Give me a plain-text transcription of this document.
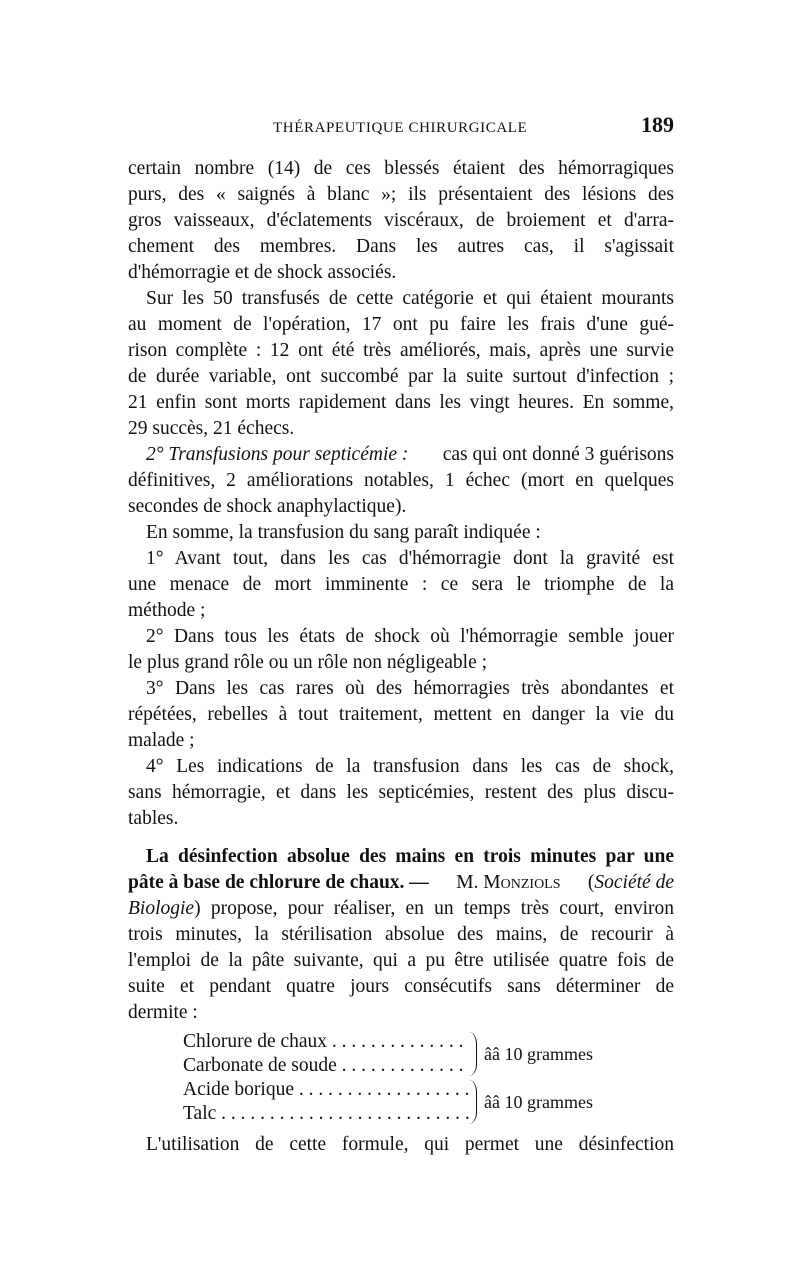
THÉRAPEUTIQUE CHIRURGICALE	189
certain nombre (14) de ces blessés étaient des hémorragiques
purs, des « saignés à blanc »; ils présentaient des lésions des
gros vaisseaux, d'éclatements viscéraux, de broiement et d'arra-
chement des membres. Dans les autres cas, il s'agissait
d'hémorragie et de shock associés.
Sur les 50 transfusés de cette catégorie et qui étaient mourants
au moment de l'opération, 17 ont pu faire les frais d'une gué-
rison complète : 12 ont été très améliorés, mais, après une survie
de durée variable, ont succombé par la suite surtout d'infection ;
21 enfin sont morts rapidement dans les vingt heures. En somme,
29 succès, 21 échecs.
2° Transfusions pour septicémie : cas qui ont donné 3 guérisons
définitives, 2 améliorations notables, 1 échec (mort en quelques
secondes de shock anaphylactique).
En somme, la transfusion du sang paraît indiquée :
1° Avant tout, dans les cas d'hémorragie dont la gravité est
une menace de mort imminente : ce sera le triomphe de la
méthode ;
2° Dans tous les états de shock où l'hémorragie semble jouer
le plus grand rôle ou un rôle non négligeable ;
3° Dans les cas rares où des hémorragies très abondantes et
répétées, rebelles à tout traitement, mettent en danger la vie du
malade ;
4° Les indications de la transfusion dans les cas de shock,
sans hémorragie, et dans les septicémies, restent des plus discu-
tables.
La désinfection absolue des mains en trois minutes par une
pâte à base de chlorure de chaux. — M. Monziols (Société de
Biologie) propose, pour réaliser, en un temps très court, environ
trois minutes, la stérilisation absolue des mains, de recourir à
l'emploi de la pâte suivante, qui a pu être utilisée quatre fois de
suite et pendant quatre jours consécutifs sans déterminer de
dermite :
Chlorure de chaux . . .
Carbonate de soude . . .
ââ 10 grammes
Acide borique . . .
Talc . . .
ââ 10 grammes
L'utilisation de cette formule, qui permet une désinfection
